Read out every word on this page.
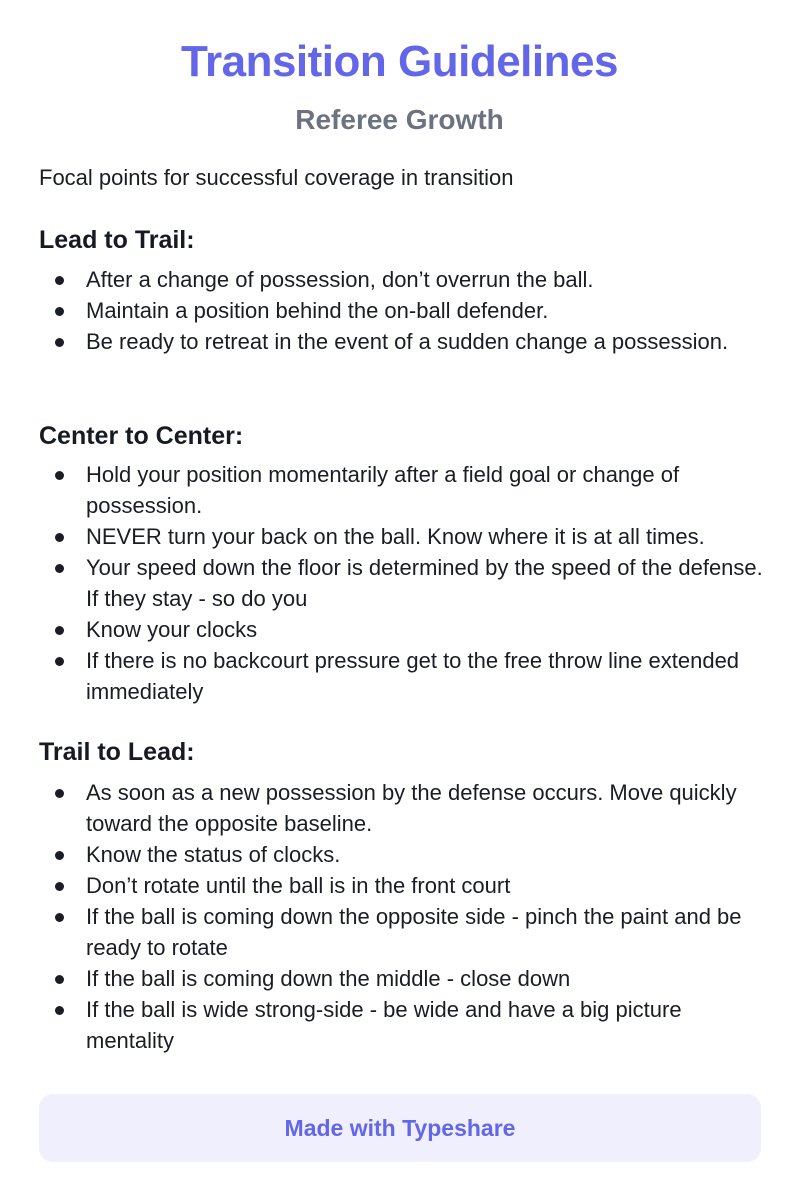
Transition Guidelines
Referee Growth

Focal points for successful coverage in transition

Lead to Trail:
After a change of possession, don’t overrun the ball.
Maintain a position behind the on-ball defender.
Be ready to retreat in the event of a sudden change a possession.
Center to Center:
Hold your position momentarily after a field goal or change of possession.
NEVER turn your back on the ball. Know where it is at all times.
Your speed down the floor is determined by the speed of the defense. If they stay - so do you
Know your clocks
If there is no backcourt pressure get to the free throw line extended immediately
Trail to Lead:
As soon as a new possession by the defense occurs. Move quickly toward the opposite baseline.
Know the status of clocks.
Don’t rotate until the ball is in the front court
If the ball is coming down the opposite side - pinch the paint and be ready to rotate
If the ball is coming down the middle - close down
If the ball is wide strong-side - be wide and have a big picture mentality
Made with Typeshare
